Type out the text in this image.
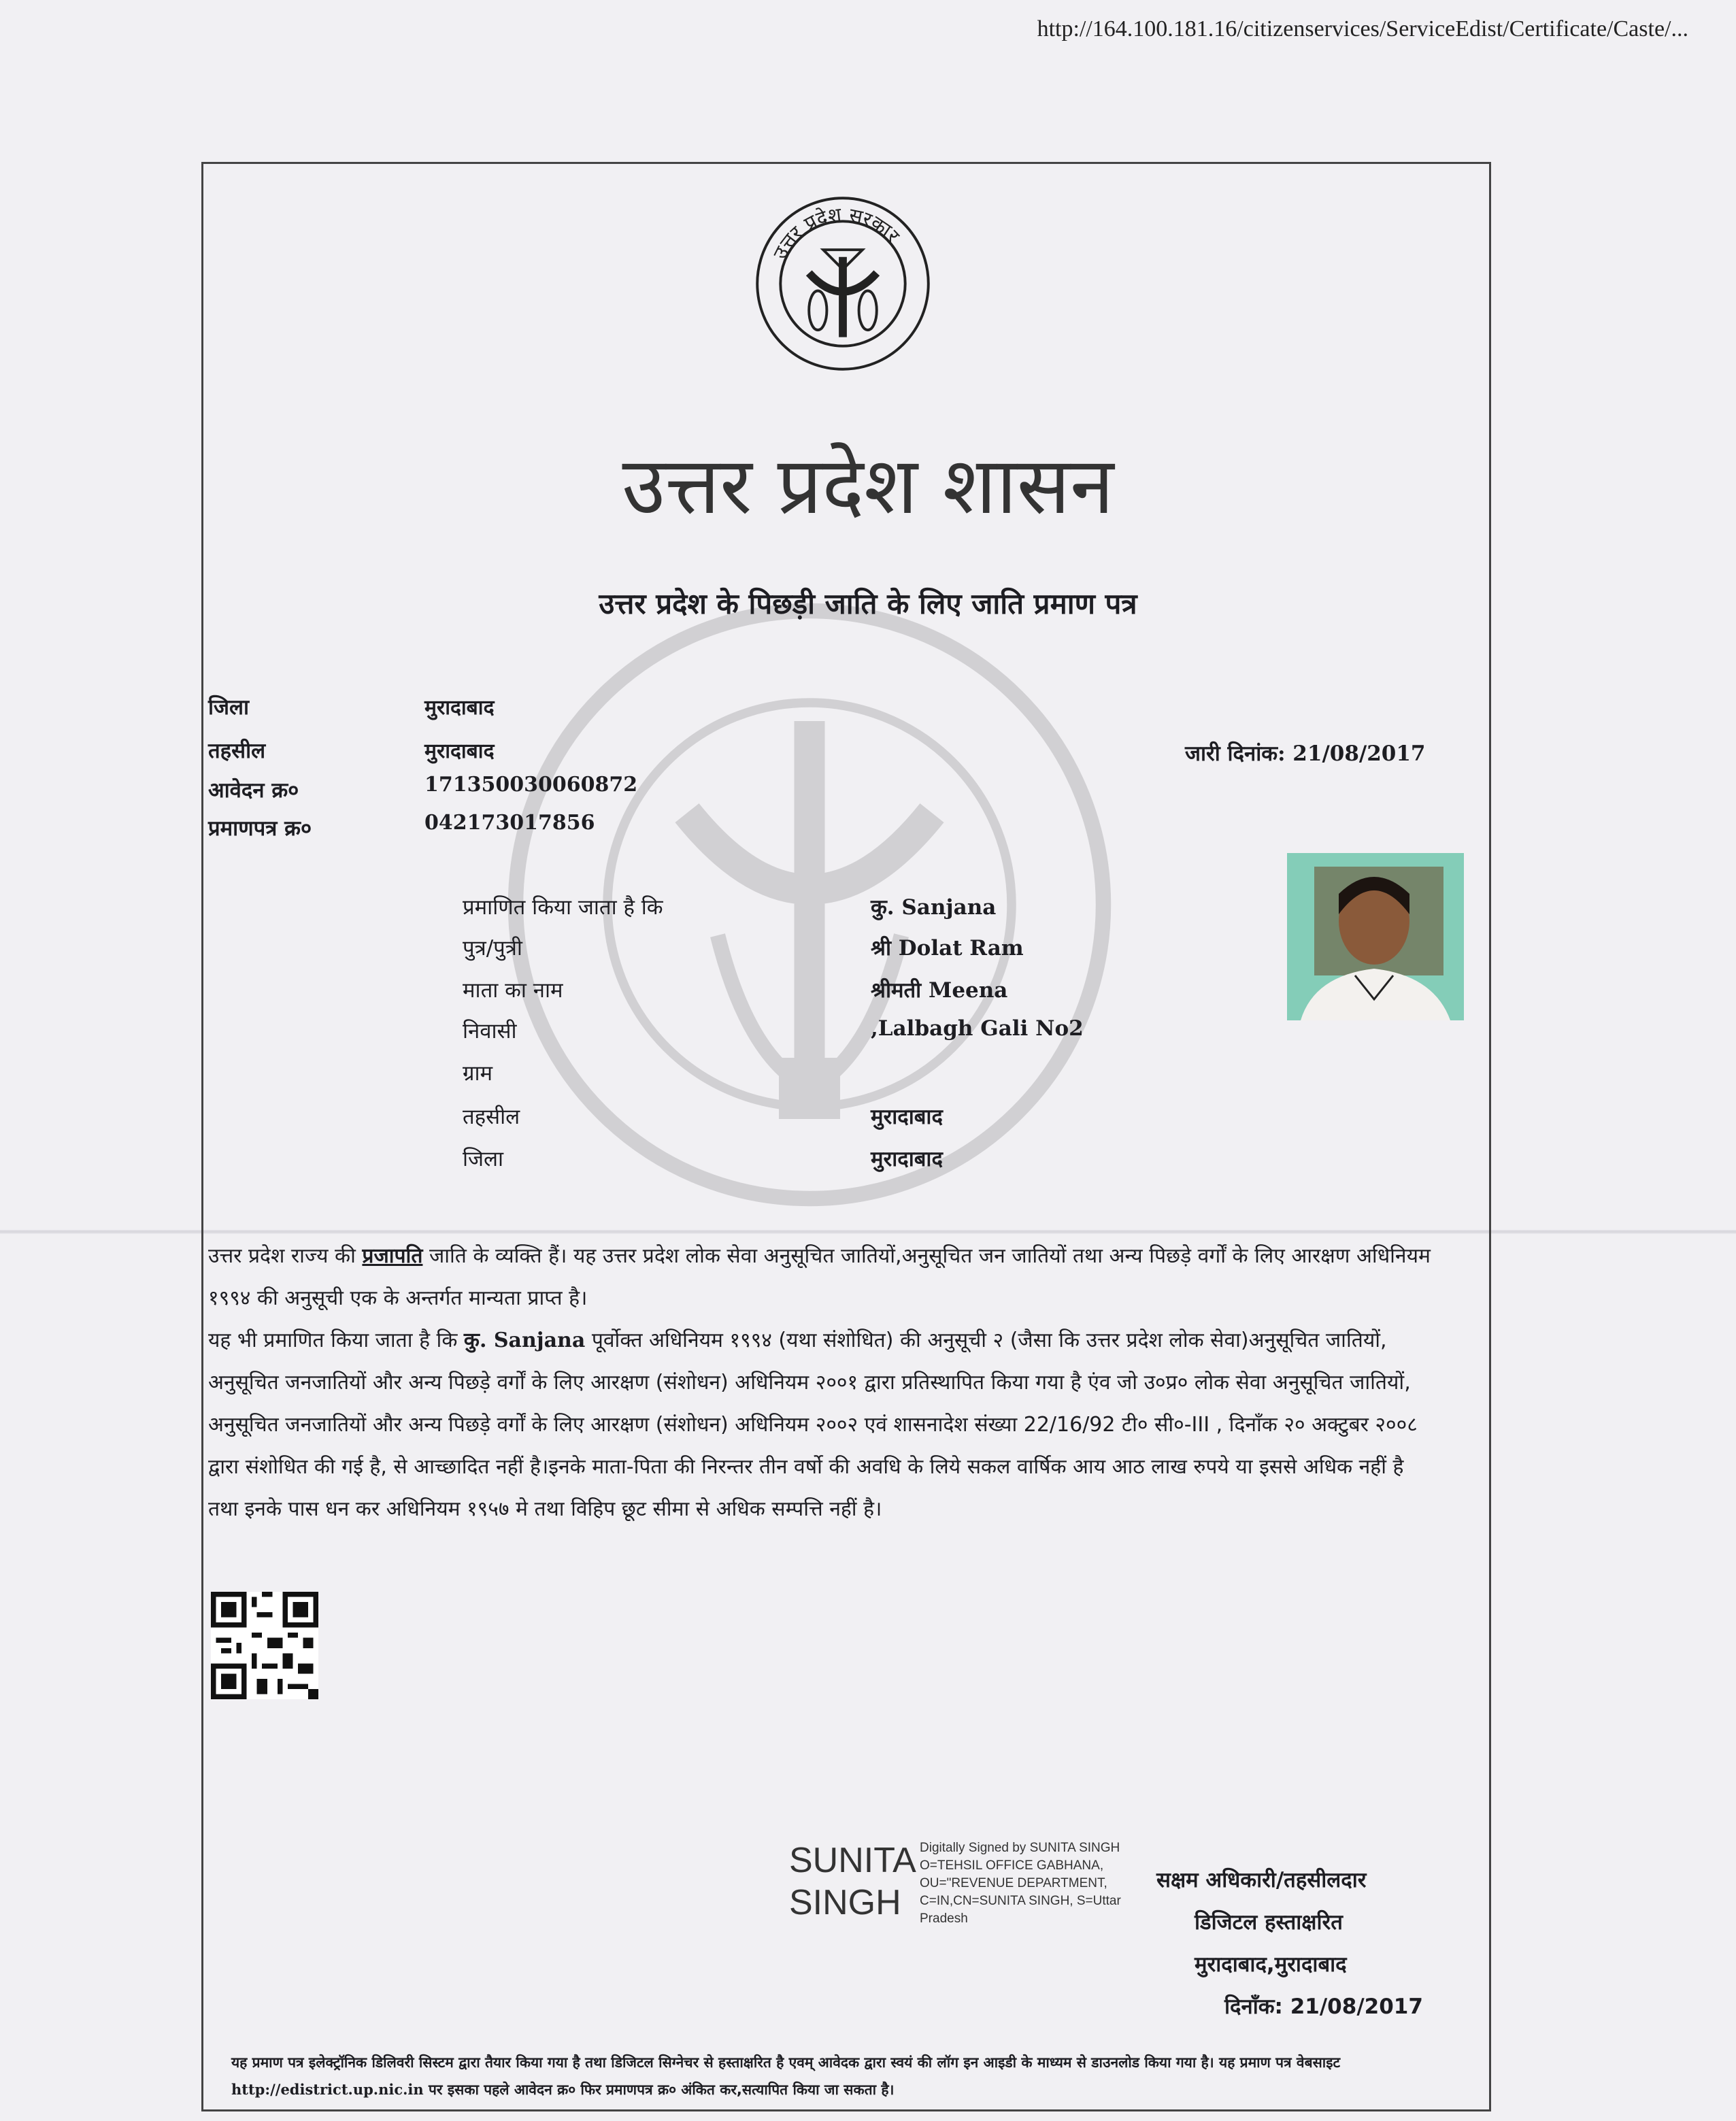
http://164.100.181.16/citizenservices/ServiceEdist/Certificate/Caste/...
उत्तर प्रदेश सरकार
उत्तर प्रदेश शासन
उत्तर प्रदेश के पिछड़ी जाति के लिए जाति प्रमाण पत्र
जिला	मुरादाबाद
तहसील	मुरादाबाद
आवेदन क्र०	171350030060872
प्रमाणपत्र क्र०	042173017856
जारी दिनांक: 21/08/2017
प्रमाणित किया जाता है कि	कु. Sanjana
पुत्र/पुत्री	श्री Dolat Ram
माता का नाम	श्रीमती Meena
निवासी	,Lalbagh Gali No2
ग्राम
तहसील	मुरादाबाद
जिला	मुरादाबाद
उत्तर प्रदेश राज्य की प्रजापति जाति के व्यक्ति हैं। यह उत्तर प्रदेश लोक सेवा अनुसूचित जातियों,अनुसूचित जन जातियों तथा अन्य पिछड़े वर्गों के लिए आरक्षण अधिनियम १९९४ की अनुसूची एक के अन्तर्गत मान्यता प्राप्त है।
यह भी प्रमाणित किया जाता है कि कु. Sanjana पूर्वोक्त अधिनियम १९९४ (यथा संशोधित) की अनुसूची २ (जैसा कि उत्तर प्रदेश लोक सेवा)अनुसूचित जातियों, अनुसूचित जनजातियों और अन्य पिछड़े वर्गों के लिए आरक्षण (संशोधन) अधिनियम २००१ द्वारा प्रतिस्थापित किया गया है एंव जो उ०प्र० लोक सेवा अनुसूचित जातियों, अनुसूचित जनजातियों और अन्य पिछड़े वर्गों के लिए आरक्षण (संशोधन) अधिनियम २००२ एवं शासनादेश संख्या 22/16/92 टी० सी०-III , दिनाँक २० अक्टुबर २००८ द्वारा संशोधित की गई है, से आच्छादित नहीं है।इनके माता-पिता की निरन्तर तीन वर्षो की अवधि के लिये सकल वार्षिक आय आठ लाख रुपये या इससे अधिक नहीं है तथा इनके पास धन कर अधिनियम १९५७ मे तथा विहिप छूट सीमा से अधिक सम्पत्ति नहीं है।
SUNITA
SINGH
Digitally Signed by SUNITA SINGH O=TEHSIL OFFICE GABHANA, OU="REVENUE DEPARTMENT, C=IN,CN=SUNITA SINGH, S=Uttar Pradesh
सक्षम अधिकारी/तहसीलदार
डिजिटल हस्ताक्षरित
मुरादाबाद,मुरादाबाद
दिनाँक: 21/08/2017
यह प्रमाण पत्र इलेक्ट्रॉनिक डिलिवरी सिस्टम द्वारा तैयार किया गया है तथा डिजिटल सिग्नेचर से हस्ताक्षरित है एवम् आवेदक द्वारा स्वयं की लॉग इन आइडी के माध्यम से डाउनलोड किया गया है। यह प्रमाण पत्र वेबसाइट http://edistrict.up.nic.in पर इसका पहले आवेदन क्र० फिर प्रमाणपत्र क्र० अंकित कर,सत्यापित किया जा सकता है।
